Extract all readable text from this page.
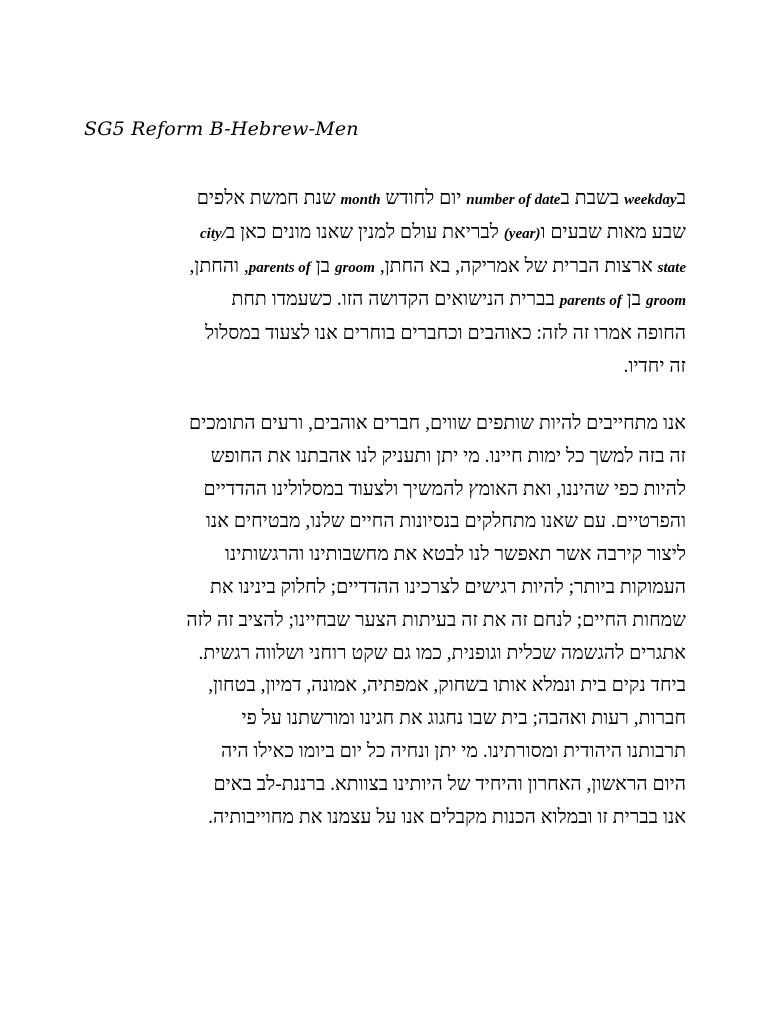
SG5 Reform B-Hebrew-Men
בweekday בשבת בnumber of date יום לחודש month שנת חמשת אלפים
שבע מאות שבעים ו(year) לבריאת עולם למנין שאנו מונים כאן בcity/
state ארצות הברית של אמריקה, בא החתן, groom בן parents of, והחתן,
groom בן parents of בברית הנישואים הקדושה הזו. כשעמדו תחת
החופה אמרו זה לזה: כאוהבים וכחברים בוחרים אנו לצעוד במסלול
זה יחדיו.
אנו מתחייבים להיות שותפים שווים, חברים אוהבים, ורעים התומכים
זה בזה למשך כל ימות חיינו. מי יתן ותעניק לנו אהבתנו את החופש
להיות כפי שהיננו, ואת האומץ להמשיך ולצעוד במסלולינו ההדדיים
והפרטיים. עם שאנו מתחלקים בנסיונות החיים שלנו, מבטיחים אנו
ליצור קירבה אשר תאפשר לנו לבטא את מחשבותינו והרגשותינו
העמוקות ביותר; להיות רגישים לצרכינו ההדדיים; לחלוק בינינו את
שמחות החיים; לנחם זה את זה בעיתות הצער שבחיינו; להציב זה לזה
אתגרים להגשמה שכלית וגופנית, כמו גם שקט רוחני ושלווה רגשית.
ביחד נקים בית ונמלא אותו בשחוק, אמפתיה, אמונה, דמיון, בטחון,
חברות, רעות ואהבה; בית שבו נחגוג את חגינו ומורשתנו על פי
תרבותנו היהודית ומסורתינו. מי יתן ונחיה כל יום ביומו כאילו היה
היום הראשון, האחרון והיחיד של היותינו בצוותא. ברננת-לב באים
אנו בברית זו ובמלוא הכנות מקבלים אנו על עצמנו את מחוייבותיה.
